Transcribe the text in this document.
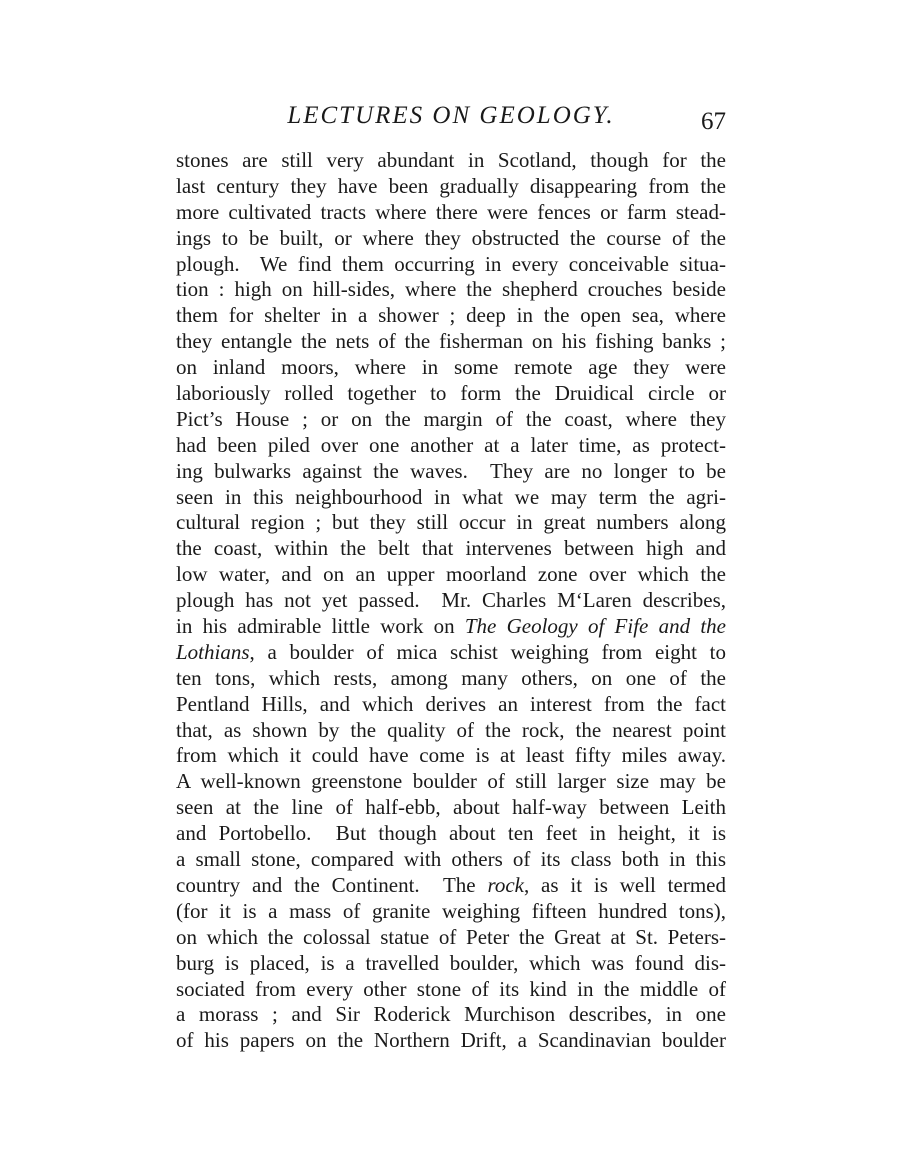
LECTURES ON GEOLOGY.	67
stones are still very abundant in Scotland, though for the
last century they have been gradually disappearing from the
more cultivated tracts where there were fences or farm stead-
ings to be built, or where they obstructed the course of the
plough.  We find them occurring in every conceivable situa-
tion : high on hill-sides, where the shepherd crouches beside
them for shelter in a shower ; deep in the open sea, where
they entangle the nets of the fisherman on his fishing banks ;
on inland moors, where in some remote age they were
laboriously rolled together to form the Druidical circle or
Pict’s House ; or on the margin of the coast, where they
had been piled over one another at a later time, as protect-
ing bulwarks against the waves.  They are no longer to be
seen in this neighbourhood in what we may term the agri-
cultural region ; but they still occur in great numbers along
the coast, within the belt that intervenes between high and
low water, and on an upper moorland zone over which the
plough has not yet passed.  Mr. Charles M‘Laren describes,
in his admirable little work on The Geology of Fife and the
Lothians, a boulder of mica schist weighing from eight to
ten tons, which rests, among many others, on one of the
Pentland Hills, and which derives an interest from the fact
that, as shown by the quality of the rock, the nearest point
from which it could have come is at least fifty miles away.
A well-known greenstone boulder of still larger size may be
seen at the line of half-ebb, about half-way between Leith
and Portobello.  But though about ten feet in height, it is
a small stone, compared with others of its class both in this
country and the Continent.  The rock, as it is well termed
(for it is a mass of granite weighing fifteen hundred tons),
on which the colossal statue of Peter the Great at St. Peters-
burg is placed, is a travelled boulder, which was found dis-
sociated from every other stone of its kind in the middle of
a morass ; and Sir Roderick Murchison describes, in one
of his papers on the Northern Drift, a Scandinavian boulder
